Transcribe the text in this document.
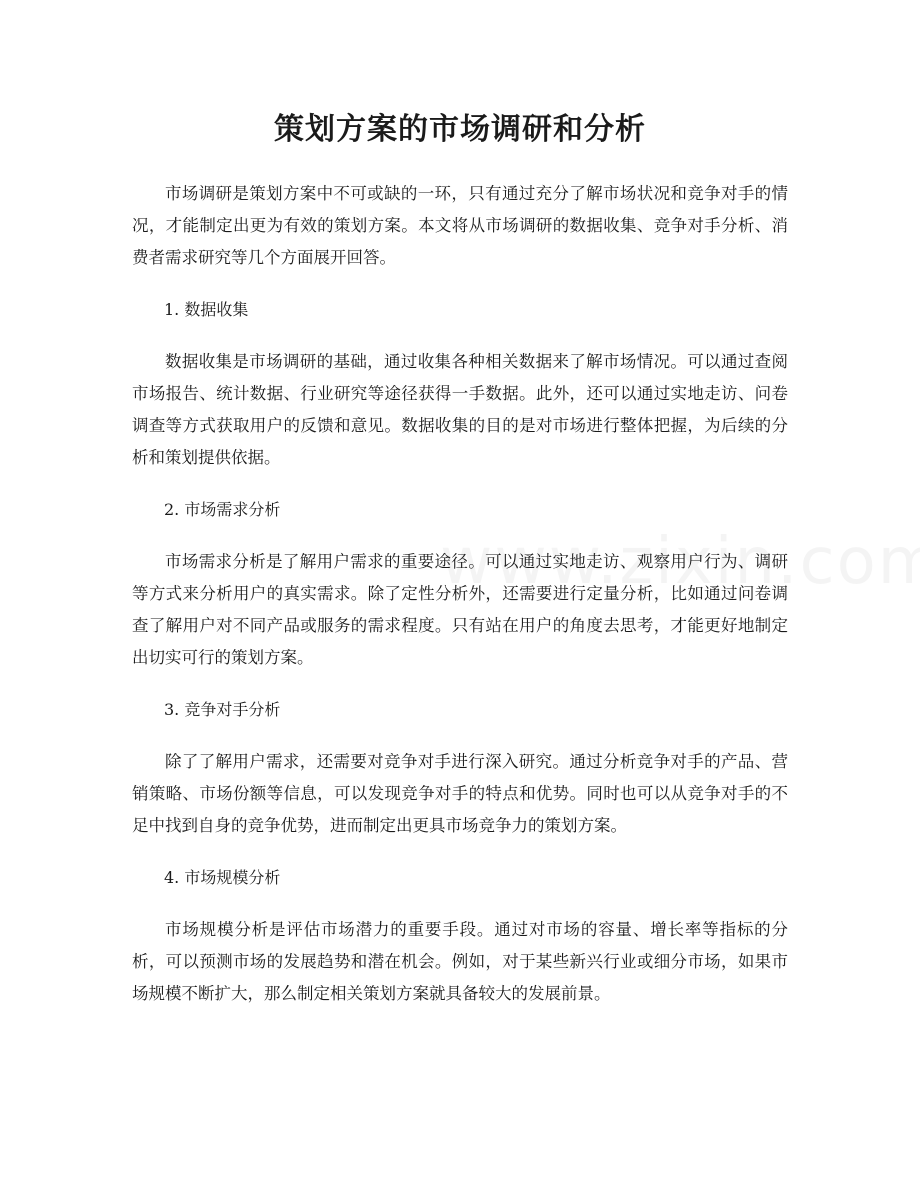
策划方案的市场调研和分析

市场调研是策划方案中不可或缺的一环，只有通过充分了解市场状况和竞争对手的情况，才能制定出更为有效的策划方案。本文将从市场调研的数据收集、竞争对手分析、消费者需求研究等几个方面展开回答。

1. 数据收集

数据收集是市场调研的基础，通过收集各种相关数据来了解市场情况。可以通过查阅市场报告、统计数据、行业研究等途径获得一手数据。此外，还可以通过实地走访、问卷调查等方式获取用户的反馈和意见。数据收集的目的是对市场进行整体把握，为后续的分析和策划提供依据。

2. 市场需求分析

市场需求分析是了解用户需求的重要途径。可以通过实地走访、观察用户行为、调研等方式来分析用户的真实需求。除了定性分析外，还需要进行定量分析，比如通过问卷调查了解用户对不同产品或服务的需求程度。只有站在用户的角度去思考，才能更好地制定出切实可行的策划方案。

3. 竞争对手分析

除了了解用户需求，还需要对竞争对手进行深入研究。通过分析竞争对手的产品、营销策略、市场份额等信息，可以发现竞争对手的特点和优势。同时也可以从竞争对手的不足中找到自身的竞争优势，进而制定出更具市场竞争力的策划方案。

4. 市场规模分析

市场规模分析是评估市场潜力的重要手段。通过对市场的容量、增长率等指标的分析，可以预测市场的发展趋势和潜在机会。例如，对于某些新兴行业或细分市场，如果市场规模不断扩大，那么制定相关策划方案就具备较大的发展前景。
